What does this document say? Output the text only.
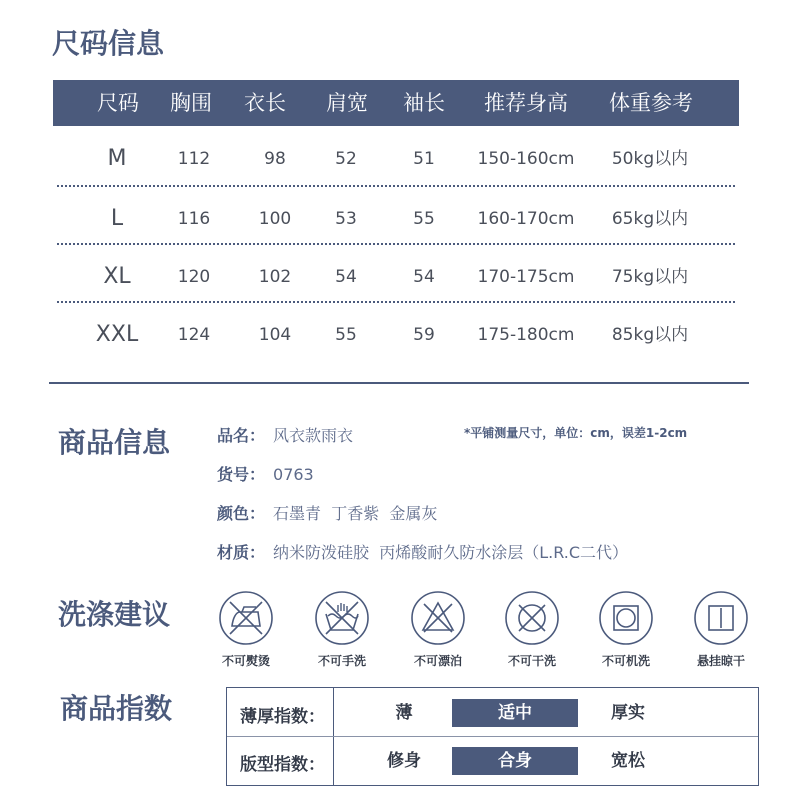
尺码信息
尺码 胸围 衣长 肩宽 袖长 推荐身高 体重参考
M	112	98	52	51	150-160cm 50kg以内
L	116	100	53	55	160-170cm 65kg以内
XL	120	102	54	54	170-175cm 75kg以内
XXL 124	104	55	59	175-180cm 85kg以内
商品信息	*平铺测量尺寸，单位：cm，误差1-2cm
品名： 风衣款雨衣
货号： 0763
颜色： 石墨青  丁香紫  金属灰
材质： 纳米防泼硅胶  丙烯酸耐久防水涂层（L.R.C二代）
洗涤建议
不可熨烫	不可手洗	不可漂泊	不可干洗	不可机洗	悬挂晾干
商品指数	薄厚指数：	薄	适中	厚实
版型指数：	修身	合身	宽松
